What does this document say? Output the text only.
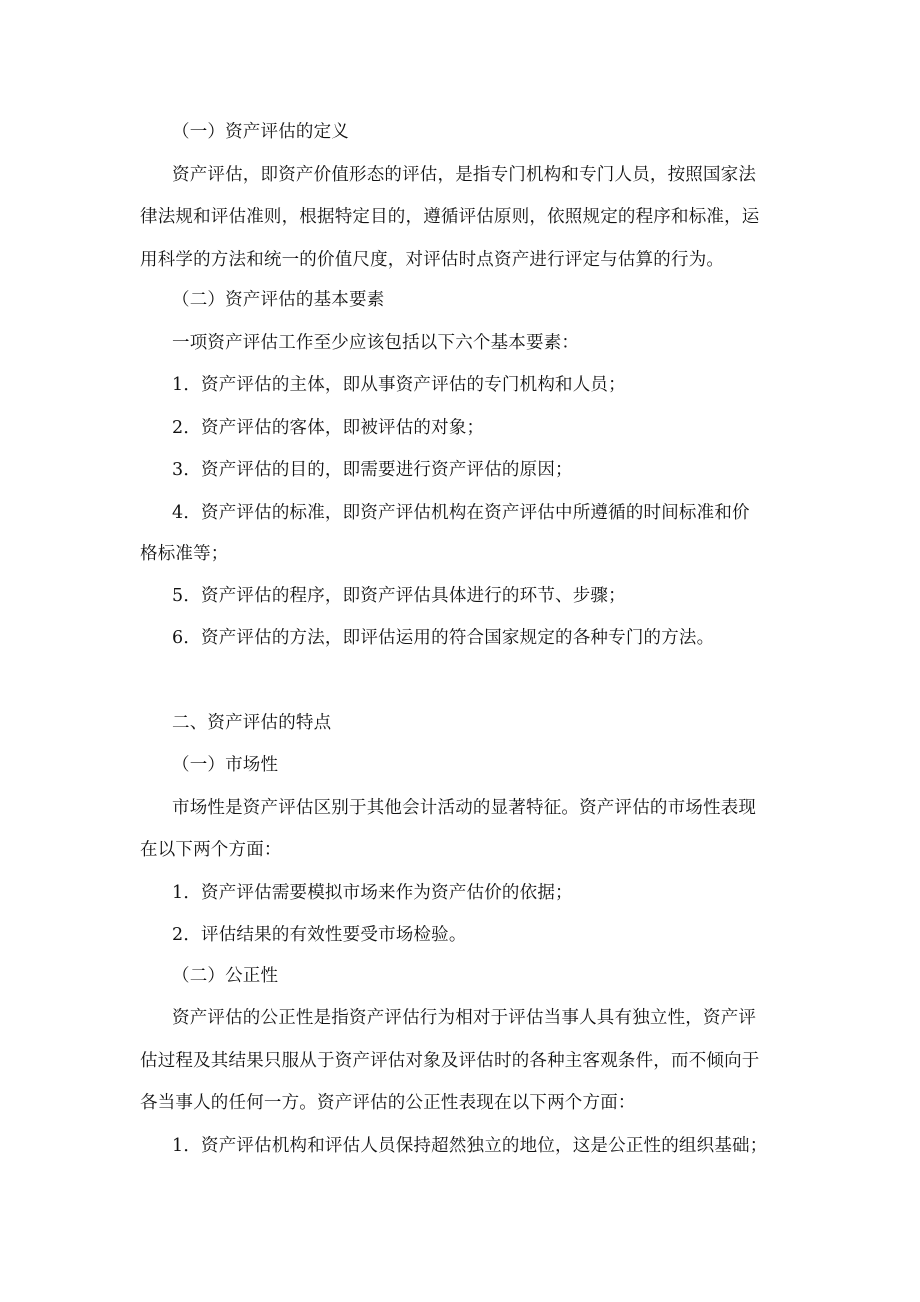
（一）资产评估的定义
资产评估，即资产价值形态的评估，是指专门机构和专门人员，按照国家法
律法规和评估准则，根据特定目的，遵循评估原则，依照规定的程序和标准，运
用科学的方法和统一的价值尺度，对评估时点资产进行评定与估算的行为。
（二）资产评估的基本要素
一项资产评估工作至少应该包括以下六个基本要素：
1．资产评估的主体，即从事资产评估的专门机构和人员；
2．资产评估的客体，即被评估的对象；
3．资产评估的目的，即需要进行资产评估的原因；
4．资产评估的标准，即资产评估机构在资产评估中所遵循的时间标准和价
格标准等；
5．资产评估的程序，即资产评估具体进行的环节、步骤；
6．资产评估的方法，即评估运用的符合国家规定的各种专门的方法。
二、资产评估的特点
（一）市场性
市场性是资产评估区别于其他会计活动的显著特征。资产评估的市场性表现
在以下两个方面：
1．资产评估需要模拟市场来作为资产估价的依据；
2．评估结果的有效性要受市场检验。
（二）公正性
资产评估的公正性是指资产评估行为相对于评估当事人具有独立性，资产评
估过程及其结果只服从于资产评估对象及评估时的各种主客观条件，而不倾向于
各当事人的任何一方。资产评估的公正性表现在以下两个方面：
1．资产评估机构和评估人员保持超然独立的地位，这是公正性的组织基础；
